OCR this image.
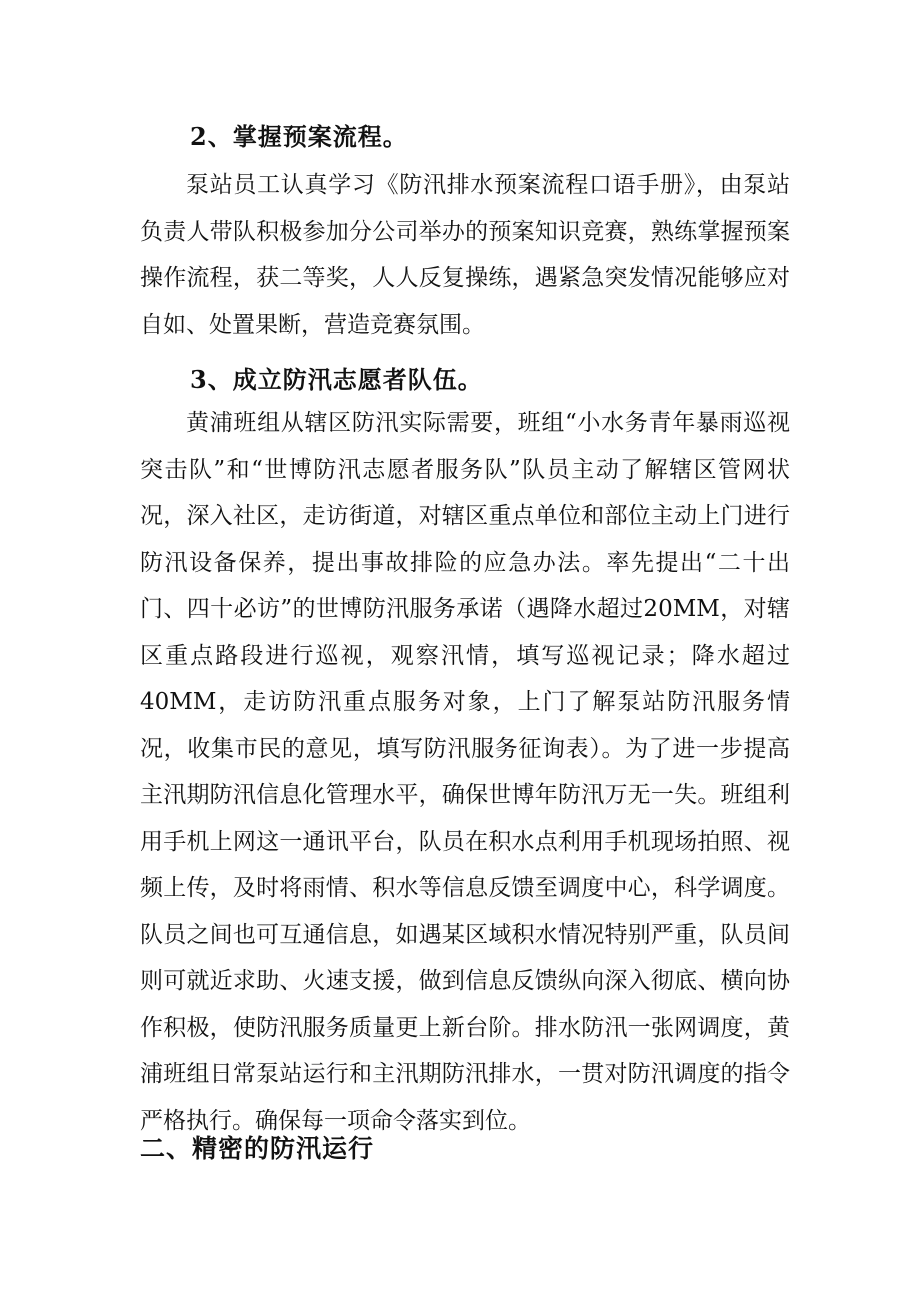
2、掌握预案流程。

泵站员工认真学习《防汛排水预案流程口语手册》，由泵站负责人带队积极参加分公司举办的预案知识竞赛，熟练掌握预案操作流程，获二等奖，人人反复操练，遇紧急突发情况能够应对自如、处置果断，营造竞赛氛围。

3、成立防汛志愿者队伍。

黄浦班组从辖区防汛实际需要，班组“小水务青年暴雨巡视突击队”和“世博防汛志愿者服务队”队员主动了解辖区管网状况，深入社区，走访街道，对辖区重点单位和部位主动上门进行防汛设备保养，提出事故排险的应急办法。率先提出“二十出门、四十必访”的世博防汛服务承诺（遇降水超过20MM，对辖区重点路段进行巡视，观察汛情，填写巡视记录；降水超过40MM，走访防汛重点服务对象，上门了解泵站防汛服务情况，收集市民的意见，填写防汛服务征询表）。为了进一步提高主汛期防汛信息化管理水平，确保世博年防汛万无一失。班组利用手机上网这一通讯平台，队员在积水点利用手机现场拍照、视频上传，及时将雨情、积水等信息反馈至调度中心，科学调度。队员之间也可互通信息，如遇某区域积水情况特别严重，队员间则可就近求助、火速支援，做到信息反馈纵向深入彻底、横向协作积极，使防汛服务质量更上新台阶。排水防汛一张网调度，黄浦班组日常泵站运行和主汛期防汛排水，一贯对防汛调度的指令严格执行。确保每一项命令落实到位。

二、精密的防汛运行
